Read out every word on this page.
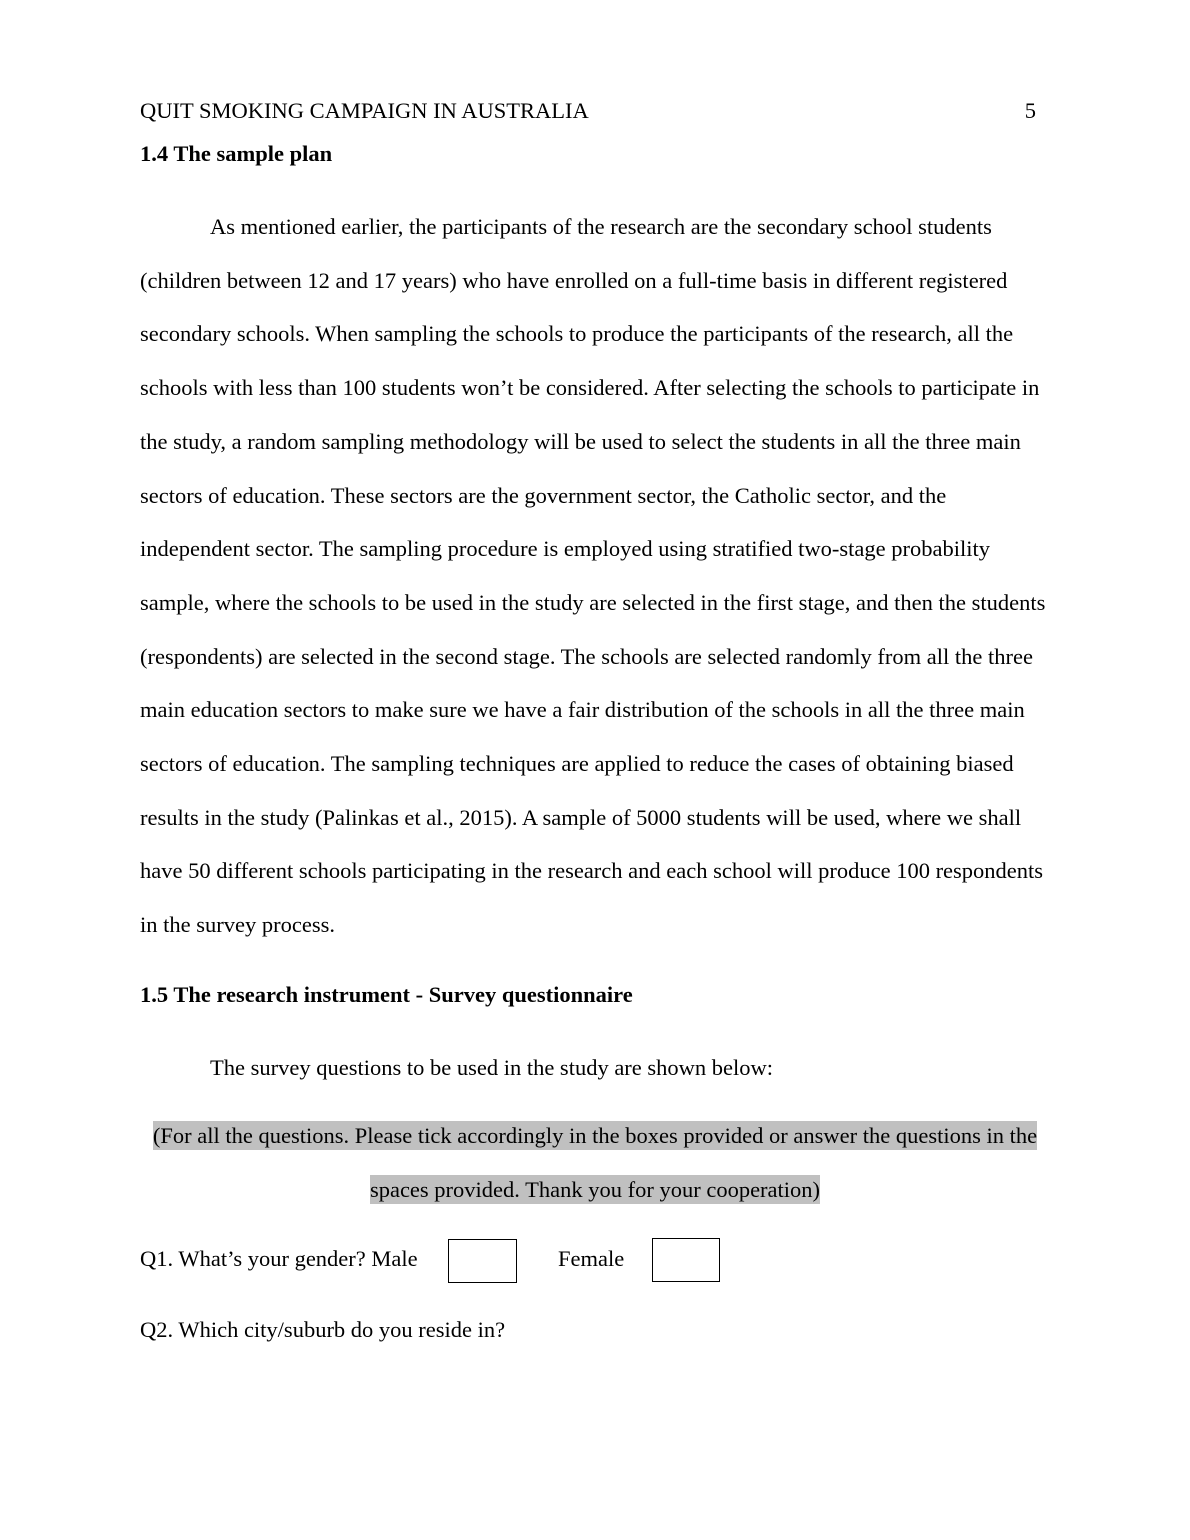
QUIT SMOKING CAMPAIGN IN AUSTRALIA	5
1.4 The sample plan

As mentioned earlier, the participants of the research are the secondary school students (children between 12 and 17 years) who have enrolled on a full-time basis in different registered secondary schools. When sampling the schools to produce the participants of the research, all the schools with less than 100 students won’t be considered. After selecting the schools to participate in the study, a random sampling methodology will be used to select the students in all the three main sectors of education. These sectors are the government sector, the Catholic sector, and the independent sector. The sampling procedure is employed using stratified two-stage probability sample, where the schools to be used in the study are selected in the first stage, and then the students (respondents) are selected in the second stage. The schools are selected randomly from all the three main education sectors to make sure we have a fair distribution of the schools in all the three main sectors of education. The sampling techniques are applied to reduce the cases of obtaining biased results in the study (Palinkas et al., 2015). A sample of 5000 students will be used, where we shall have 50 different schools participating in the research and each school will produce 100 respondents in the survey process.

1.5 The research instrument - Survey questionnaire

The survey questions to be used in the study are shown below:

(For all the questions. Please tick accordingly in the boxes provided or answer the questions in the spaces provided. Thank you for your cooperation)

Q1. What’s your gender? Male	Female

Q2. Which city/suburb do you reside in?
